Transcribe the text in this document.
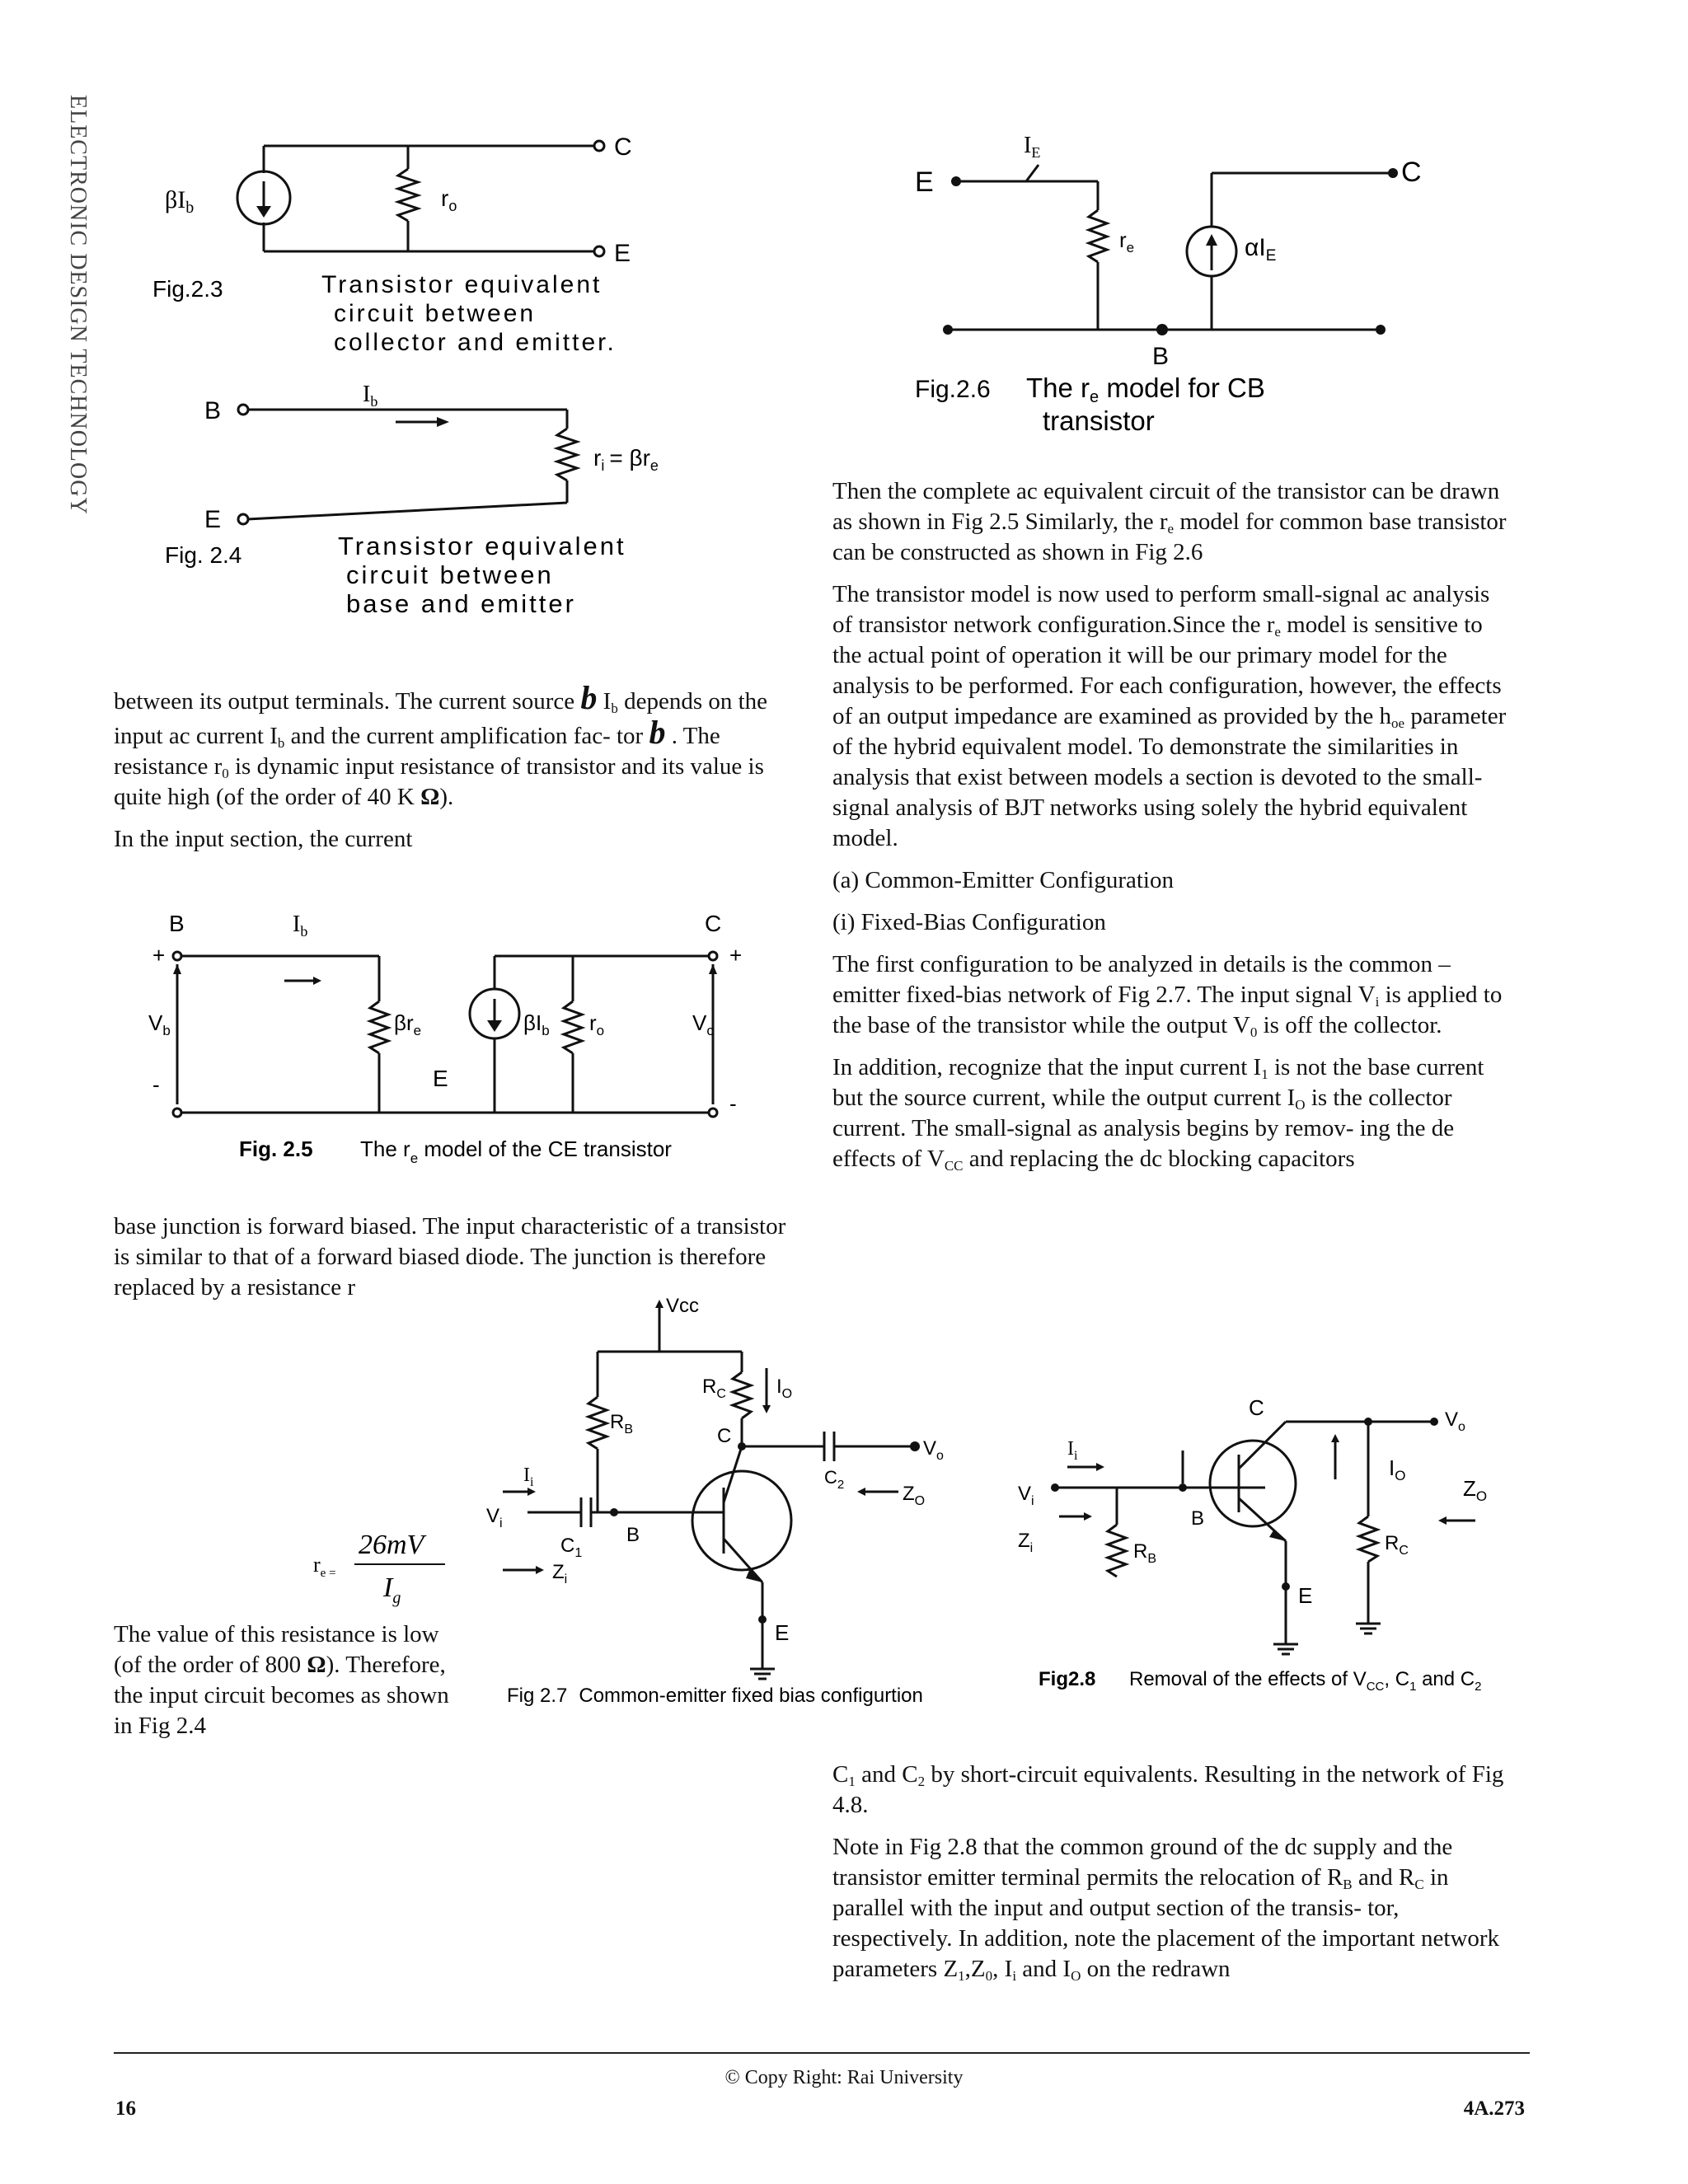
ELECTRONIC DESIGN TECHNOLOGY	$\beta I_b$	$r_o$
C
E
Fig.2.3	Transistor equivalent
circuit between
collector and emitter.
B
E
$I_b$
$r_i = \beta r_e$
Fig. 2.4	Transistor equivalent
circuit between
base and emitter

between its output terminals. The current source b $I_b$ depends on the input ac current $I_b$ and the current amplification fac- tor b . The resistance $r_0$ is dynamic input resistance of transistor and its value is quite high (of the order of 40 K Ω).

In the input section, the current

B
+
-
$I_b$	C
+
-
$V_b$	$V_c$
$\beta r_e$
E
$\beta I_b$ $r_o$
Fig. 2.5 The $r_e$ model of the CE transistor

base junction is forward biased. The input characteristic of a transistor is similar to that of a forward biased diode. The junction is therefore replaced by a resistance r

$r_{e =}$
26mV
$I_g$

The value of this resistance is low (of the order of 800 Ω). Therefore, the input circuit becomes as shown in Fig 2.4

E	C
B
$I_E$
$r_e$	$\alpha I_E$
Fig.2.6 The re model for CB
transistor

Then the complete ac equivalent circuit of the transistor can be drawn as shown in Fig 2.5 Similarly, the $r_e$ model for common base transistor can be constructed as shown in Fig 2.6

The transistor model is now used to perform small-signal ac analysis of transistor network configuration.Since the $r_e$ model is sensitive to the actual point of operation it will be our primary model for the analysis to be performed. For each configuration, however, the effects of an output impedance are examined as provided by the $h_{oe}$ parameter of the hybrid equivalent model. To demonstrate the similarities in analysis that exist between models a section is devoted to the small-signal analysis of BJT networks using solely the hybrid equivalent model.

(a) Common-Emitter Configuration

(i) Fixed-Bias Configuration

The first configuration to be analyzed in details is the common –emitter fixed-bias network of Fig 2.7. The input signal $V_i$ is applied to the base of the transistor while the output $V_0$ is off the collector.

In addition, recognize that the input current $I_1$ is not the base current but the source current, while the output current $I_O$ is the collector current. The small-signal as analysis begins by remov- ing the de effects of $V_{CC}$ and replacing the dc blocking capacitors

Vcc
$R_B$
$R_C$	$I_O$
C
$V_o$
$C_2$	$Z_O$
$I_i$
$V_i$
$C_1$
B
$Z_i$
E
Fig 2.7 Common-emitter fixed bias configurtion
C	$V_o$
$I_i$
$V_i$
$I_O$
$Z_O$
$Z_i$	$R_B$
B
$R_C$
E
Fig2.8 Removal of the effects of $V_{CC}$, $C_1$ and $C_2$

$C_1$ and $C_2$ by short-circuit equivalents. Resulting in the network of Fig 4.8.

Note in Fig 2.8 that the common ground of the dc supply and the transistor emitter terminal permits the relocation of $R_B$ and $R_C$ in parallel with the input and output section of the transis- tor, respectively. In addition, note the placement of the important network parameters $Z_1,Z_0$, $I_i$ and $I_O$ on the redrawn

© Copy Right: Rai University
16	4A.273
